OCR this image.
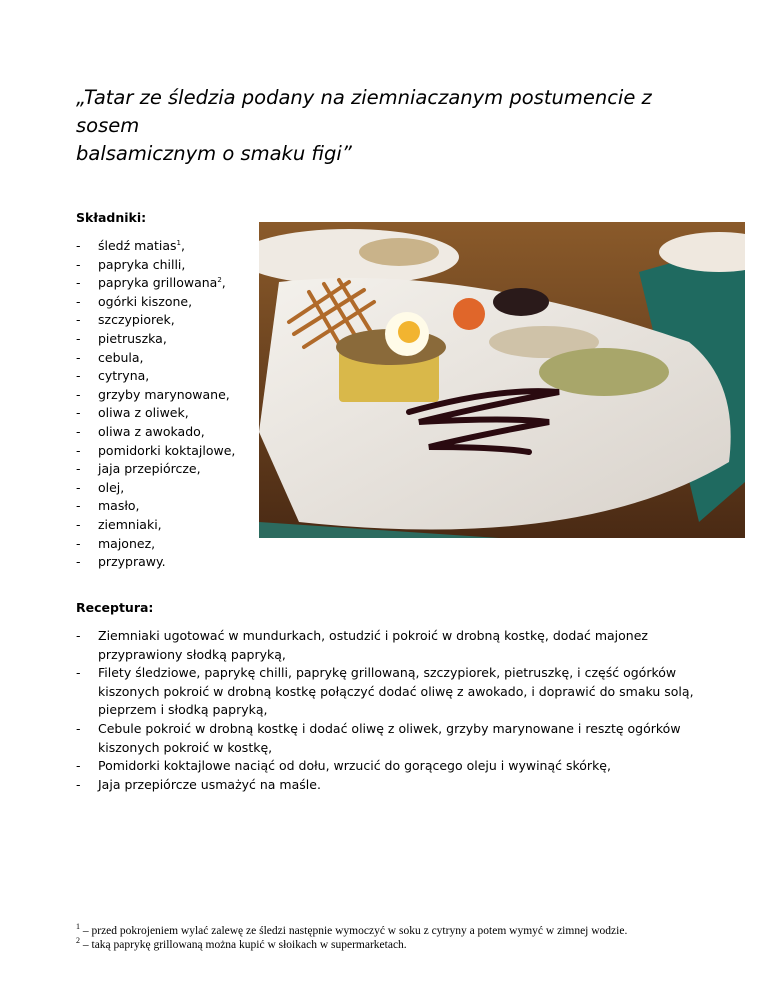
„Tatar ze śledzia podany na ziemniaczanym postumencie z sosem
balsamicznym o smaku figi”

Składniki:

- śledź matias$^1$,
- papryka chilli,
- papryka grillowana$^2$,
- ogórki kiszone,
- szczypiorek,
- pietruszka,
- cebula,
- cytryna,
- grzyby marynowane,
- oliwa z oliwek,
- oliwa z awokado,
- pomidorki koktajlowe,
- jaja przepiórcze,
- olej,
- masło,
- ziemniaki,
- majonez,
- przyprawy.

Receptura:

- Ziemniaki ugotować w mundurkach, ostudzić i pokroić w drobną kostkę, dodać majonez przyprawiony słodką papryką,
- Filety śledziowe, paprykę chilli, paprykę grillowaną, szczypiorek, pietruszkę, i część ogórków kiszonych pokroić w drobną kostkę połączyć dodać oliwę z awokado, i doprawić do smaku solą, pieprzem i słodką papryką,
- Cebule pokroić w drobną kostkę i dodać oliwę z oliwek, grzyby marynowane i resztę ogórków kiszonych pokroić w kostkę,
- Pomidorki koktajlowe naciąć od dołu, wrzucić do gorącego oleju i wywinąć skórkę,
- Jaja przepiórcze usmażyć na maśle.
$^1$ – przed pokrojeniem wylać zalewę ze śledzi następnie wymoczyć w soku z cytryny a potem wymyć w zimnej wodzie.
$^2$ – taką paprykę grillowaną można kupić w słoikach w supermarketach.
